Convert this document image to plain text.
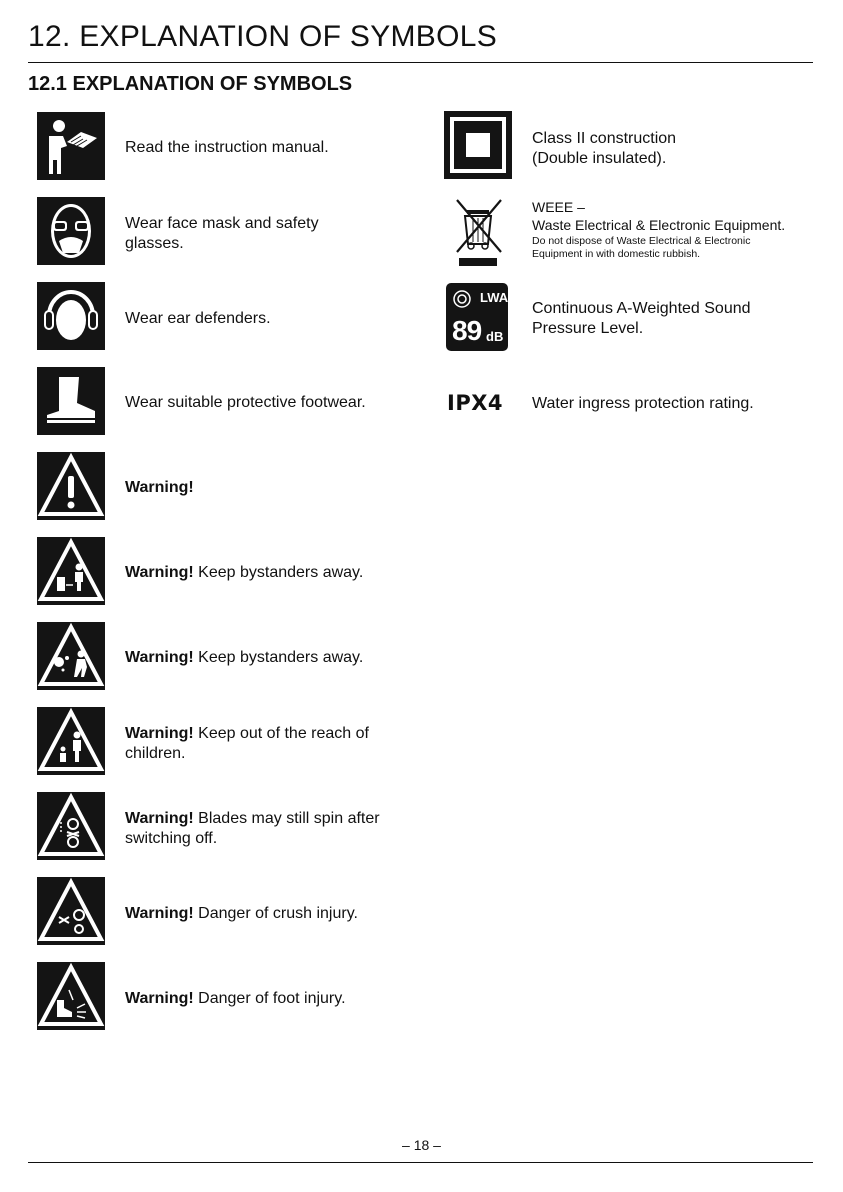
12. EXPLANATION OF SYMBOLS
12.1 EXPLANATION OF SYMBOLS
Read the instruction manual.
Wear face mask and safety glasses.
Wear ear defenders.
Wear suitable protective footwear.
Warning!
Warning! Keep bystanders away.
Warning! Keep bystanders away.
Warning! Keep out of the reach of children.
Warning! Blades may still spin after switching off.
Warning! Danger of crush injury.
Warning! Danger of foot injury.
Class II construction
(Double insulated).
WEEE –
Waste Electrical & Electronic Equipment.
Do not dispose of Waste Electrical & Electronic
Equipment in with domestic rubbish.
LWA
89 dB
Continuous A-Weighted Sound
Pressure Level.
IPX4 Water ingress protection rating.
– 18 –
